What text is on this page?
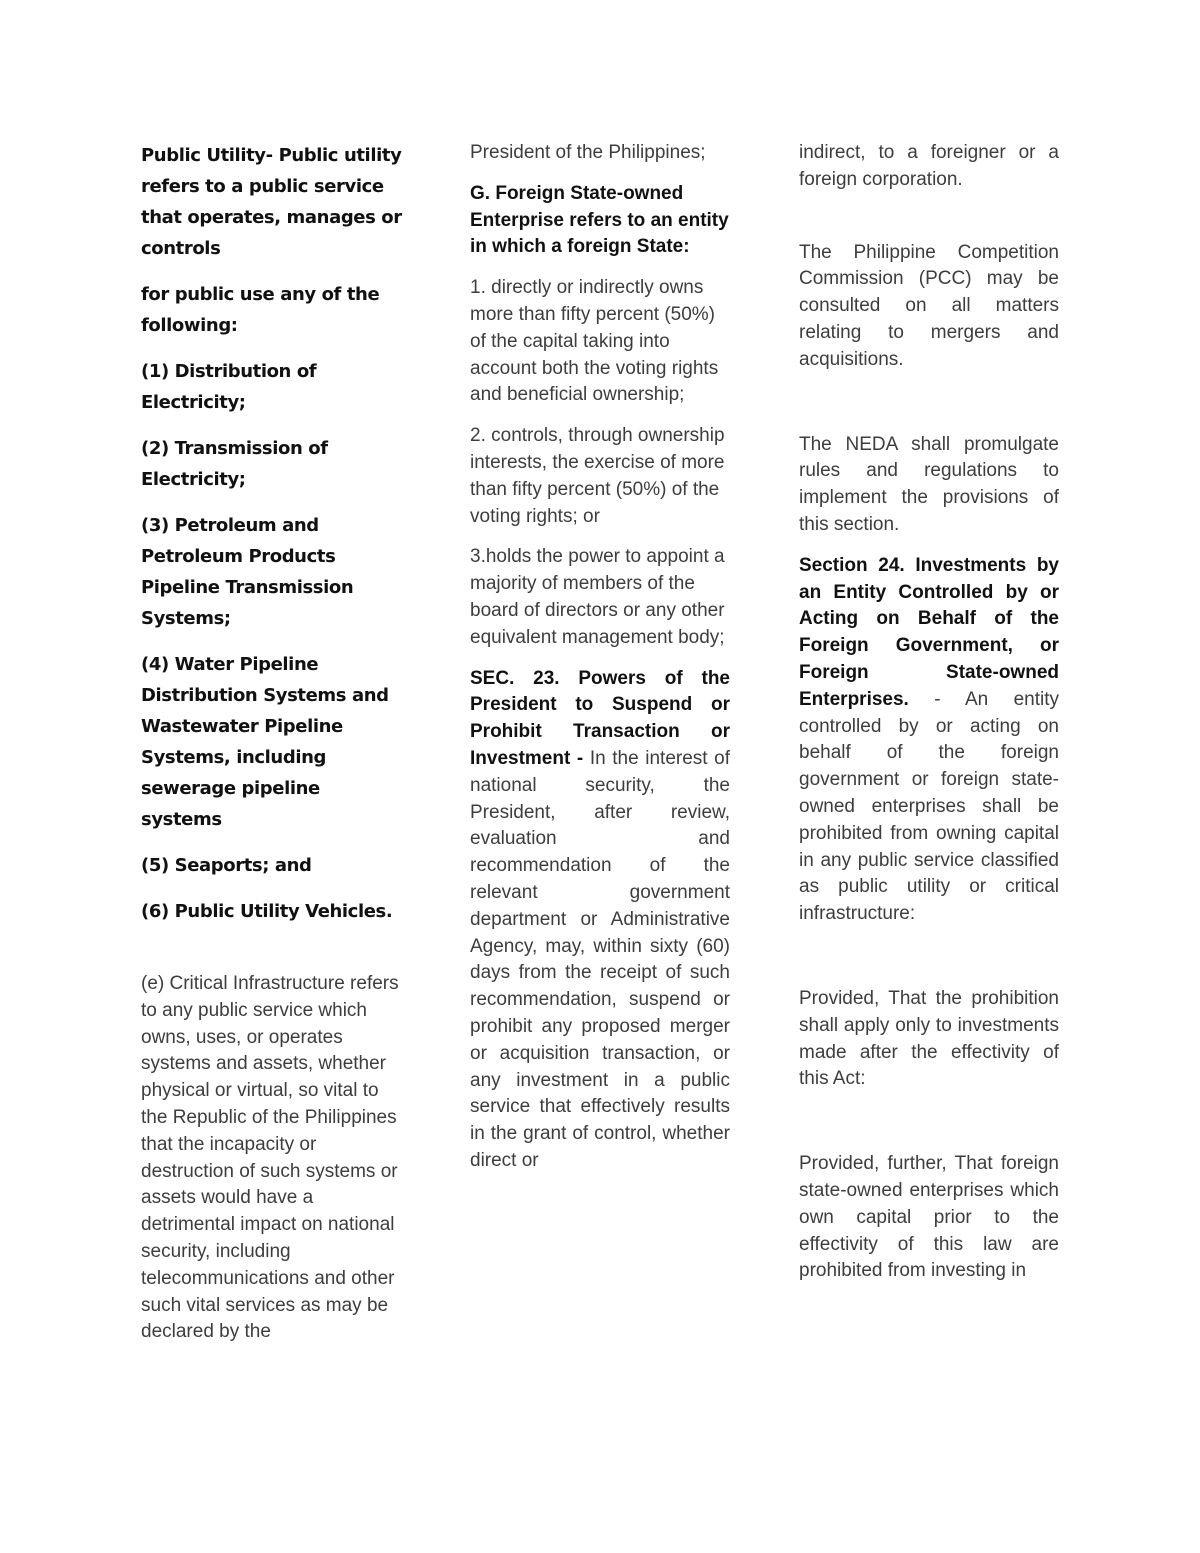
Public Utility- Public utility refers to a public service that operates, manages or controls

for public use any of the following:

(1) Distribution of Electricity;

(2) Transmission of Electricity;

(3) Petroleum and Petroleum Products Pipeline Transmission Systems;

(4) Water Pipeline Distribution Systems and Wastewater Pipeline Systems, including sewerage pipeline systems

(5) Seaports; and

(6) Public Utility Vehicles.

(e) Critical Infrastructure refers to any public service which owns, uses, or operates systems and assets, whether physical or virtual, so vital to the Republic of the Philippines that the incapacity or destruction of such systems or assets would have a detrimental impact on national security, including telecommunications and other such vital services as may be declared by the

President of the Philippines;

G. Foreign State-owned Enterprise refers to an entity in which a foreign State:

1. directly or indirectly owns more than fifty percent (50%) of the capital taking into account both the voting rights and beneficial ownership;

2. controls, through ownership interests, the exercise of more than fifty percent (50%) of the voting rights; or

3.holds the power to appoint a majority of members of the board of directors or any other equivalent management body;

SEC. 23. Powers of the President to Suspend or Prohibit Transaction or Investment - In the interest of national security, the President, after review, evaluation and recommendation of the relevant government department or Administrative Agency, may, within sixty (60) days from the receipt of such recommendation, suspend or prohibit any proposed merger or acquisition transaction, or any investment in a public service that effectively results in the grant of control, whether direct or

indirect, to a foreigner or a foreign corporation.

The Philippine Competition Commission (PCC) may be consulted on all matters relating to mergers and acquisitions.

The NEDA shall promulgate rules and regulations to implement the provisions of this section.

Section 24. Investments by an Entity Controlled by or Acting on Behalf of the Foreign Government, or Foreign State-owned Enterprises. - An entity controlled by or acting on behalf of the foreign government or foreign state-owned enterprises shall be prohibited from owning capital in any public service classified as public utility or critical infrastructure:

Provided, That the prohibition shall apply only to investments made after the effectivity of this Act:

Provided, further, That foreign state-owned enterprises which own capital prior to the effectivity of this law are prohibited from investing in
